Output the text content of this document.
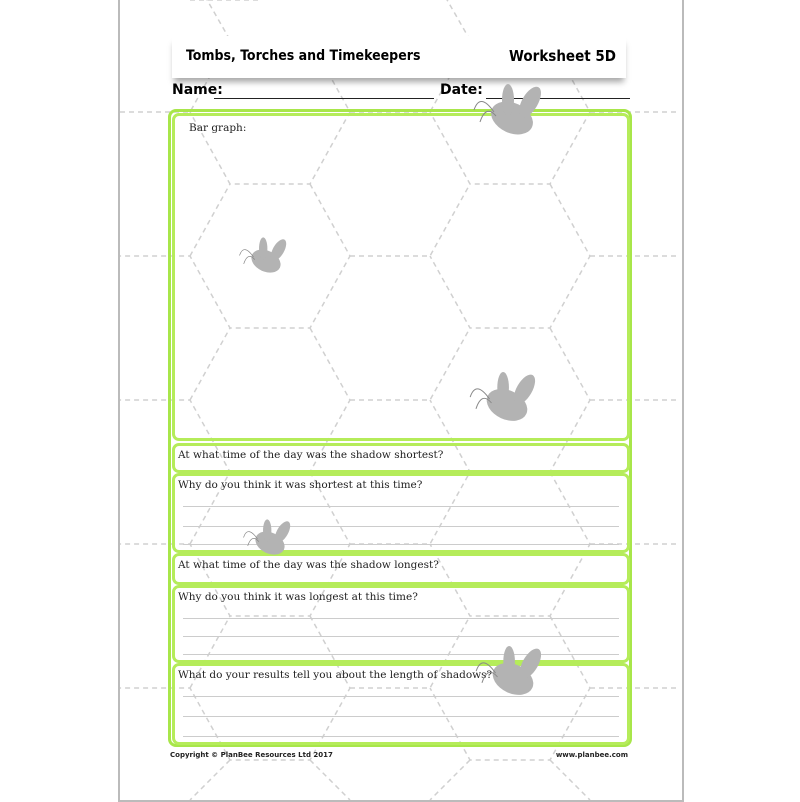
Tombs, Torches and Timekeepers	Worksheet 5D
Name:	Date:
Bar graph:
At what time of the day was the shadow shortest?
Why do you think it was shortest at this time?
At what time of the day was the shadow longest?
Why do you think it was longest at this time?
What do your results tell you about the length of shadows?
Copyright © PlanBee Resources Ltd 2017	www.planbee.com
